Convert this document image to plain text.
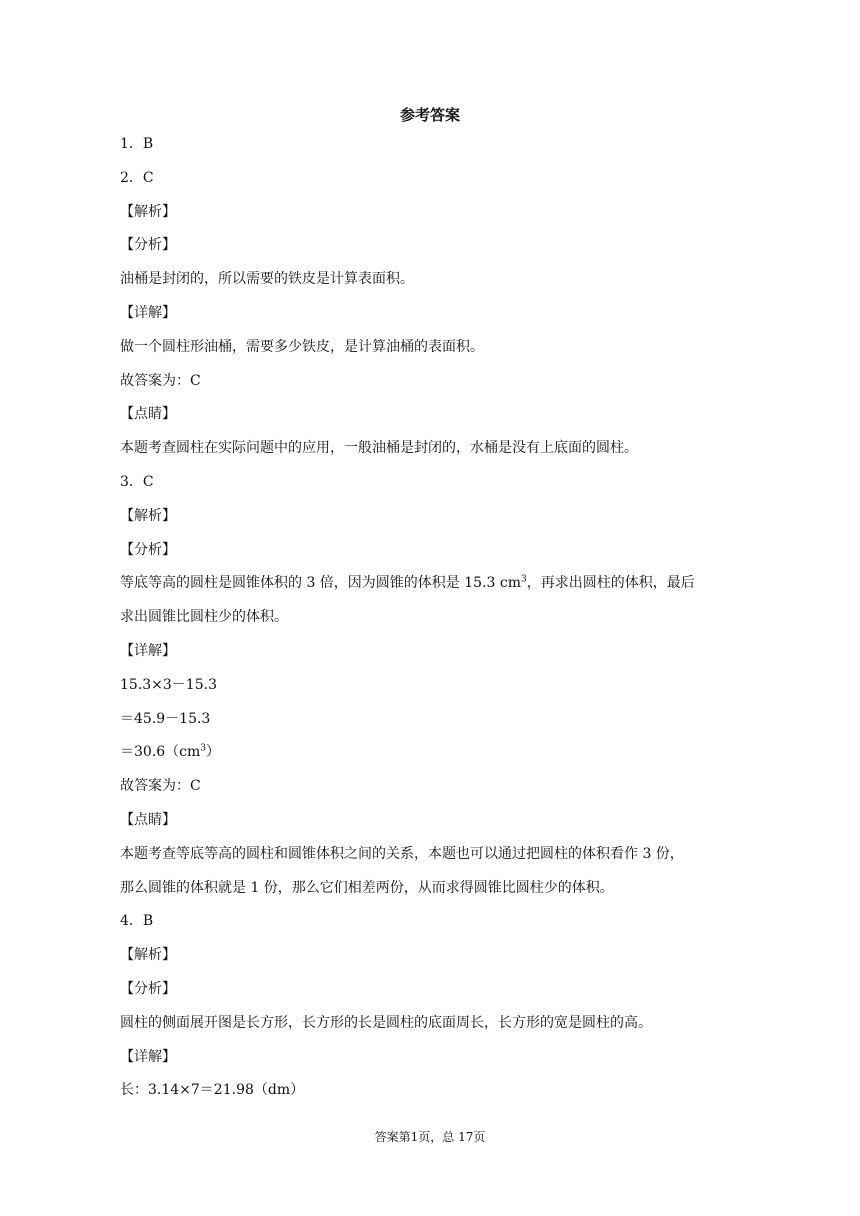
参考答案
1．B
2．C
【解析】
【分析】
油桶是封闭的，所以需要的铁皮是计算表面积。
【详解】
做一个圆柱形油桶，需要多少铁皮，是计算油桶的表面积。
故答案为：C
【点睛】
本题考查圆柱在实际问题中的应用，一般油桶是封闭的，水桶是没有上底面的圆柱。
3．C
【解析】
【分析】
等底等高的圆柱是圆锥体积的 3 倍，因为圆锥的体积是 15.3 $cm^3$，再求出圆柱的体积，最后
求出圆锥比圆柱少的体积。
【详解】
15.3×3－15.3
＝45.9－15.3
$=30.6(cm^3)$
故答案为：C
【点睛】
本题考查等底等高的圆柱和圆锥体积之间的关系，本题也可以通过把圆柱的体积看作 3 份，
那么圆锥的体积就是 1 份，那么它们相差两份，从而求得圆锥比圆柱少的体积。
4．B
【解析】
【分析】
圆柱的侧面展开图是长方形，长方形的长是圆柱的底面周长，长方形的宽是圆柱的高。
【详解】
长：3.14×7＝21.98（dm）
答案第1页，总 17页
